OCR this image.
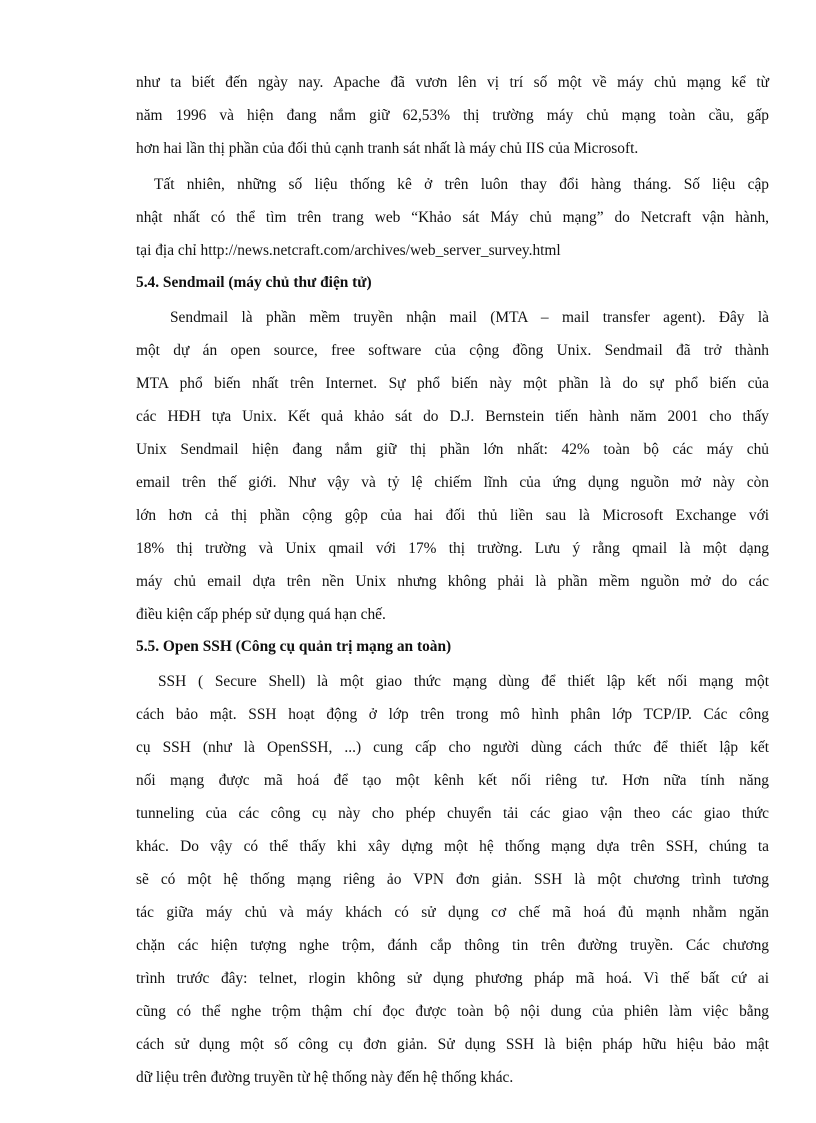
như ta biết đến ngày nay. Apache đã vươn lên vị trí số một về máy chủ mạng kể từ
năm 1996 và hiện đang nắm giữ 62,53% thị trường máy chủ mạng toàn cầu, gấp
hơn hai lần thị phần của đối thủ cạnh tranh sát nhất là máy chủ IIS của Microsoft.
Tất nhiên, những số liệu thống kê ở trên luôn thay đổi hàng tháng. Số liệu cập
nhật nhất có thể tìm trên trang web “Khảo sát Máy chủ mạng” do Netcraft vận hành,
tại địa chỉ http://news.netcraft.com/archives/web_server_survey.html
5.4. Sendmail (máy chủ thư điện tử)
Sendmail là phần mềm truyền nhận mail (MTA – mail transfer agent). Đây là
một dự án open source, free software của cộng đồng Unix. Sendmail đã trở thành
MTA phổ biến nhất trên Internet. Sự phổ biến này một phần là do sự phổ biến của
các HĐH tựa Unix. Kết quả khảo sát do D.J. Bernstein tiến hành năm 2001 cho thấy
Unix Sendmail hiện đang nắm giữ thị phần lớn nhất: 42% toàn bộ các máy chủ
email trên thế giới. Như vậy và tỷ lệ chiếm lĩnh của ứng dụng nguồn mở này còn
lớn hơn cả thị phần cộng gộp của hai đối thủ liền sau là Microsoft Exchange với
18% thị trường và Unix qmail với 17% thị trường. Lưu ý rằng qmail là một dạng
máy chủ email dựa trên nền Unix nhưng không phải là phần mềm nguồn mở do các
điều kiện cấp phép sử dụng quá hạn chế.
5.5. Open SSH (Công cụ quản trị mạng an toàn)
SSH ( Secure Shell) là một giao thức mạng dùng để thiết lập kết nối mạng một
cách bảo mật. SSH hoạt động ở lớp trên trong mô hình phân lớp TCP/IP. Các công
cụ SSH (như là OpenSSH, ...) cung cấp cho người dùng cách thức để thiết lập kết
nối mạng được mã hoá để tạo một kênh kết nối riêng tư. Hơn nữa tính năng
tunneling của các công cụ này cho phép chuyển tải các giao vận theo các giao thức
khác. Do vậy có thể thấy khi xây dựng một hệ thống mạng dựa trên SSH, chúng ta
sẽ có một hệ thống mạng riêng ảo VPN đơn giản. SSH là một chương trình tương
tác giữa máy chủ và máy khách có sử dụng cơ chế mã hoá đủ mạnh nhằm ngăn
chặn các hiện tượng nghe trộm, đánh cắp thông tin trên đường truyền. Các chương
trình trước đây: telnet, rlogin không sử dụng phương pháp mã hoá. Vì thế bất cứ ai
cũng có thể nghe trộm thậm chí đọc được toàn bộ nội dung của phiên làm việc bằng
cách sử dụng một số công cụ đơn giản. Sử dụng SSH là biện pháp hữu hiệu bảo mật
dữ liệu trên đường truyền từ hệ thống này đến hệ thống khác.
